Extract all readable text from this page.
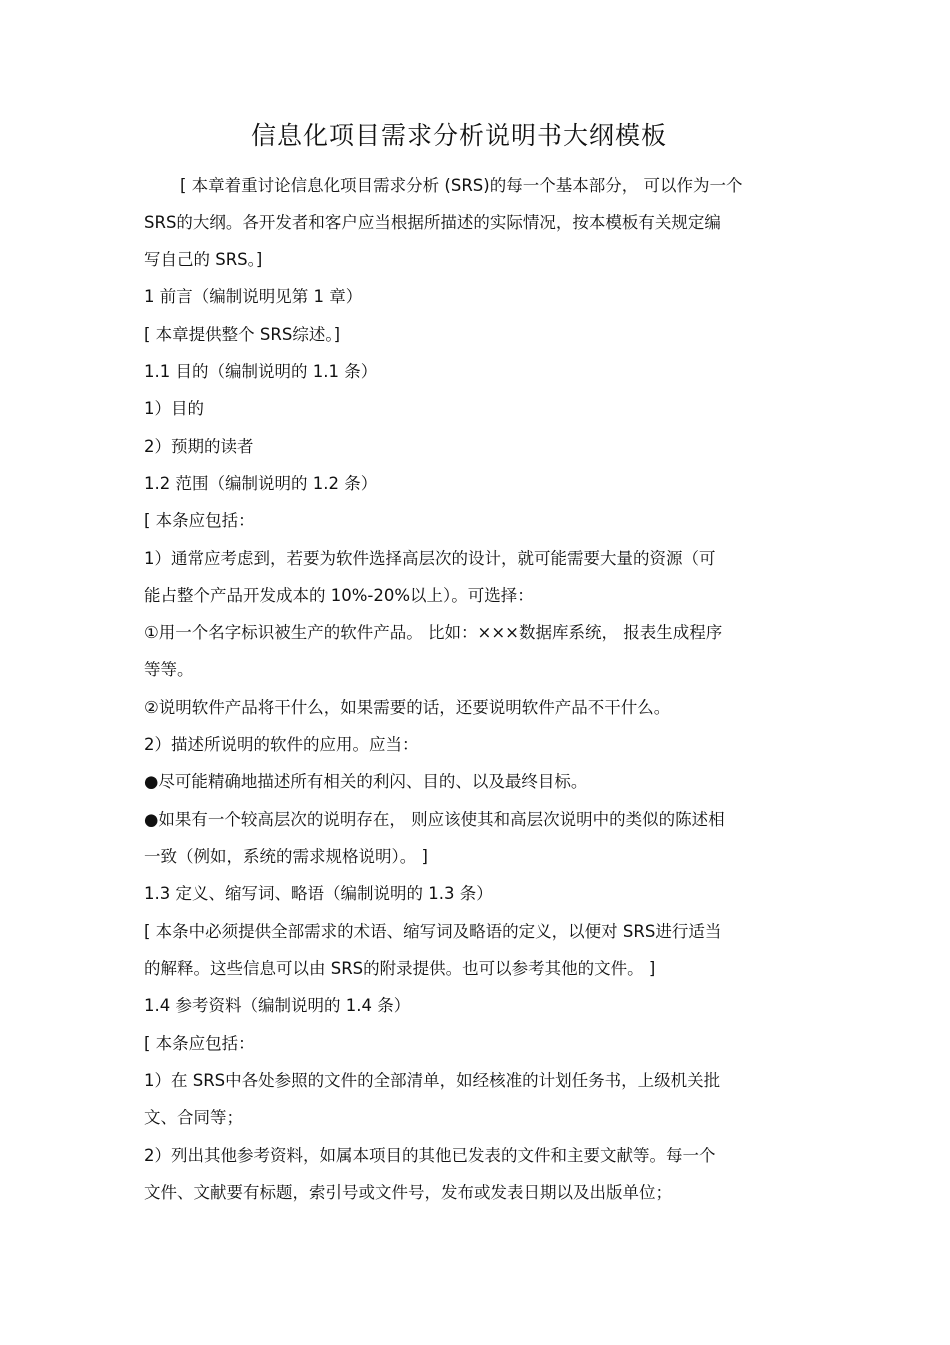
信息化项目需求分析说明书大纲模板
[ 本章着重讨论信息化项目需求分析 (SRS)的每一个基本部分， 可以作为一个
SRS的大纲。各开发者和客户应当根据所描述的实际情况，按本模板有关规定编
写自己的 SRS。]
1 前言（编制说明见第 1 章）
[ 本章提供整个 SRS综述。]
1.1 目的（编制说明的 1.1 条）
1）目的
2）预期的读者
1.2 范围（编制说明的 1.2 条）
[ 本条应包括：
1）通常应考虑到，若要为软件选择高层次的设计，就可能需要大量的资源（可
能占整个产品开发成本的 10%-20%以上）。可选择：
①用一个名字标识被生产的软件产品。 比如：×××数据库系统， 报表生成程序
等等。
②说明软件产品将干什么，如果需要的话，还要说明软件产品不干什么。
2）描述所说明的软件的应用。应当：
●尽可能精确地描述所有相关的利闪、目的、以及最终目标。
●如果有一个较高层次的说明存在， 则应该使其和高层次说明中的类似的陈述相
一致（例如，系统的需求规格说明）。 ]
1.3 定义、缩写词、略语（编制说明的 1.3 条）
[ 本条中必须提供全部需求的术语、缩写词及略语的定义，以便对 SRS进行适当
的解释。这些信息可以由 SRS的附录提供。也可以参考其他的文件。 ]
1.4 参考资料（编制说明的 1.4 条）
[ 本条应包括：
1）在 SRS中各处参照的文件的全部清单，如经核准的计划任务书，上级机关批
文、合同等；
2）列出其他参考资料，如属本项目的其他已发表的文件和主要文献等。每一个
文件、文献要有标题，索引号或文件号，发布或发表日期以及出版单位；
